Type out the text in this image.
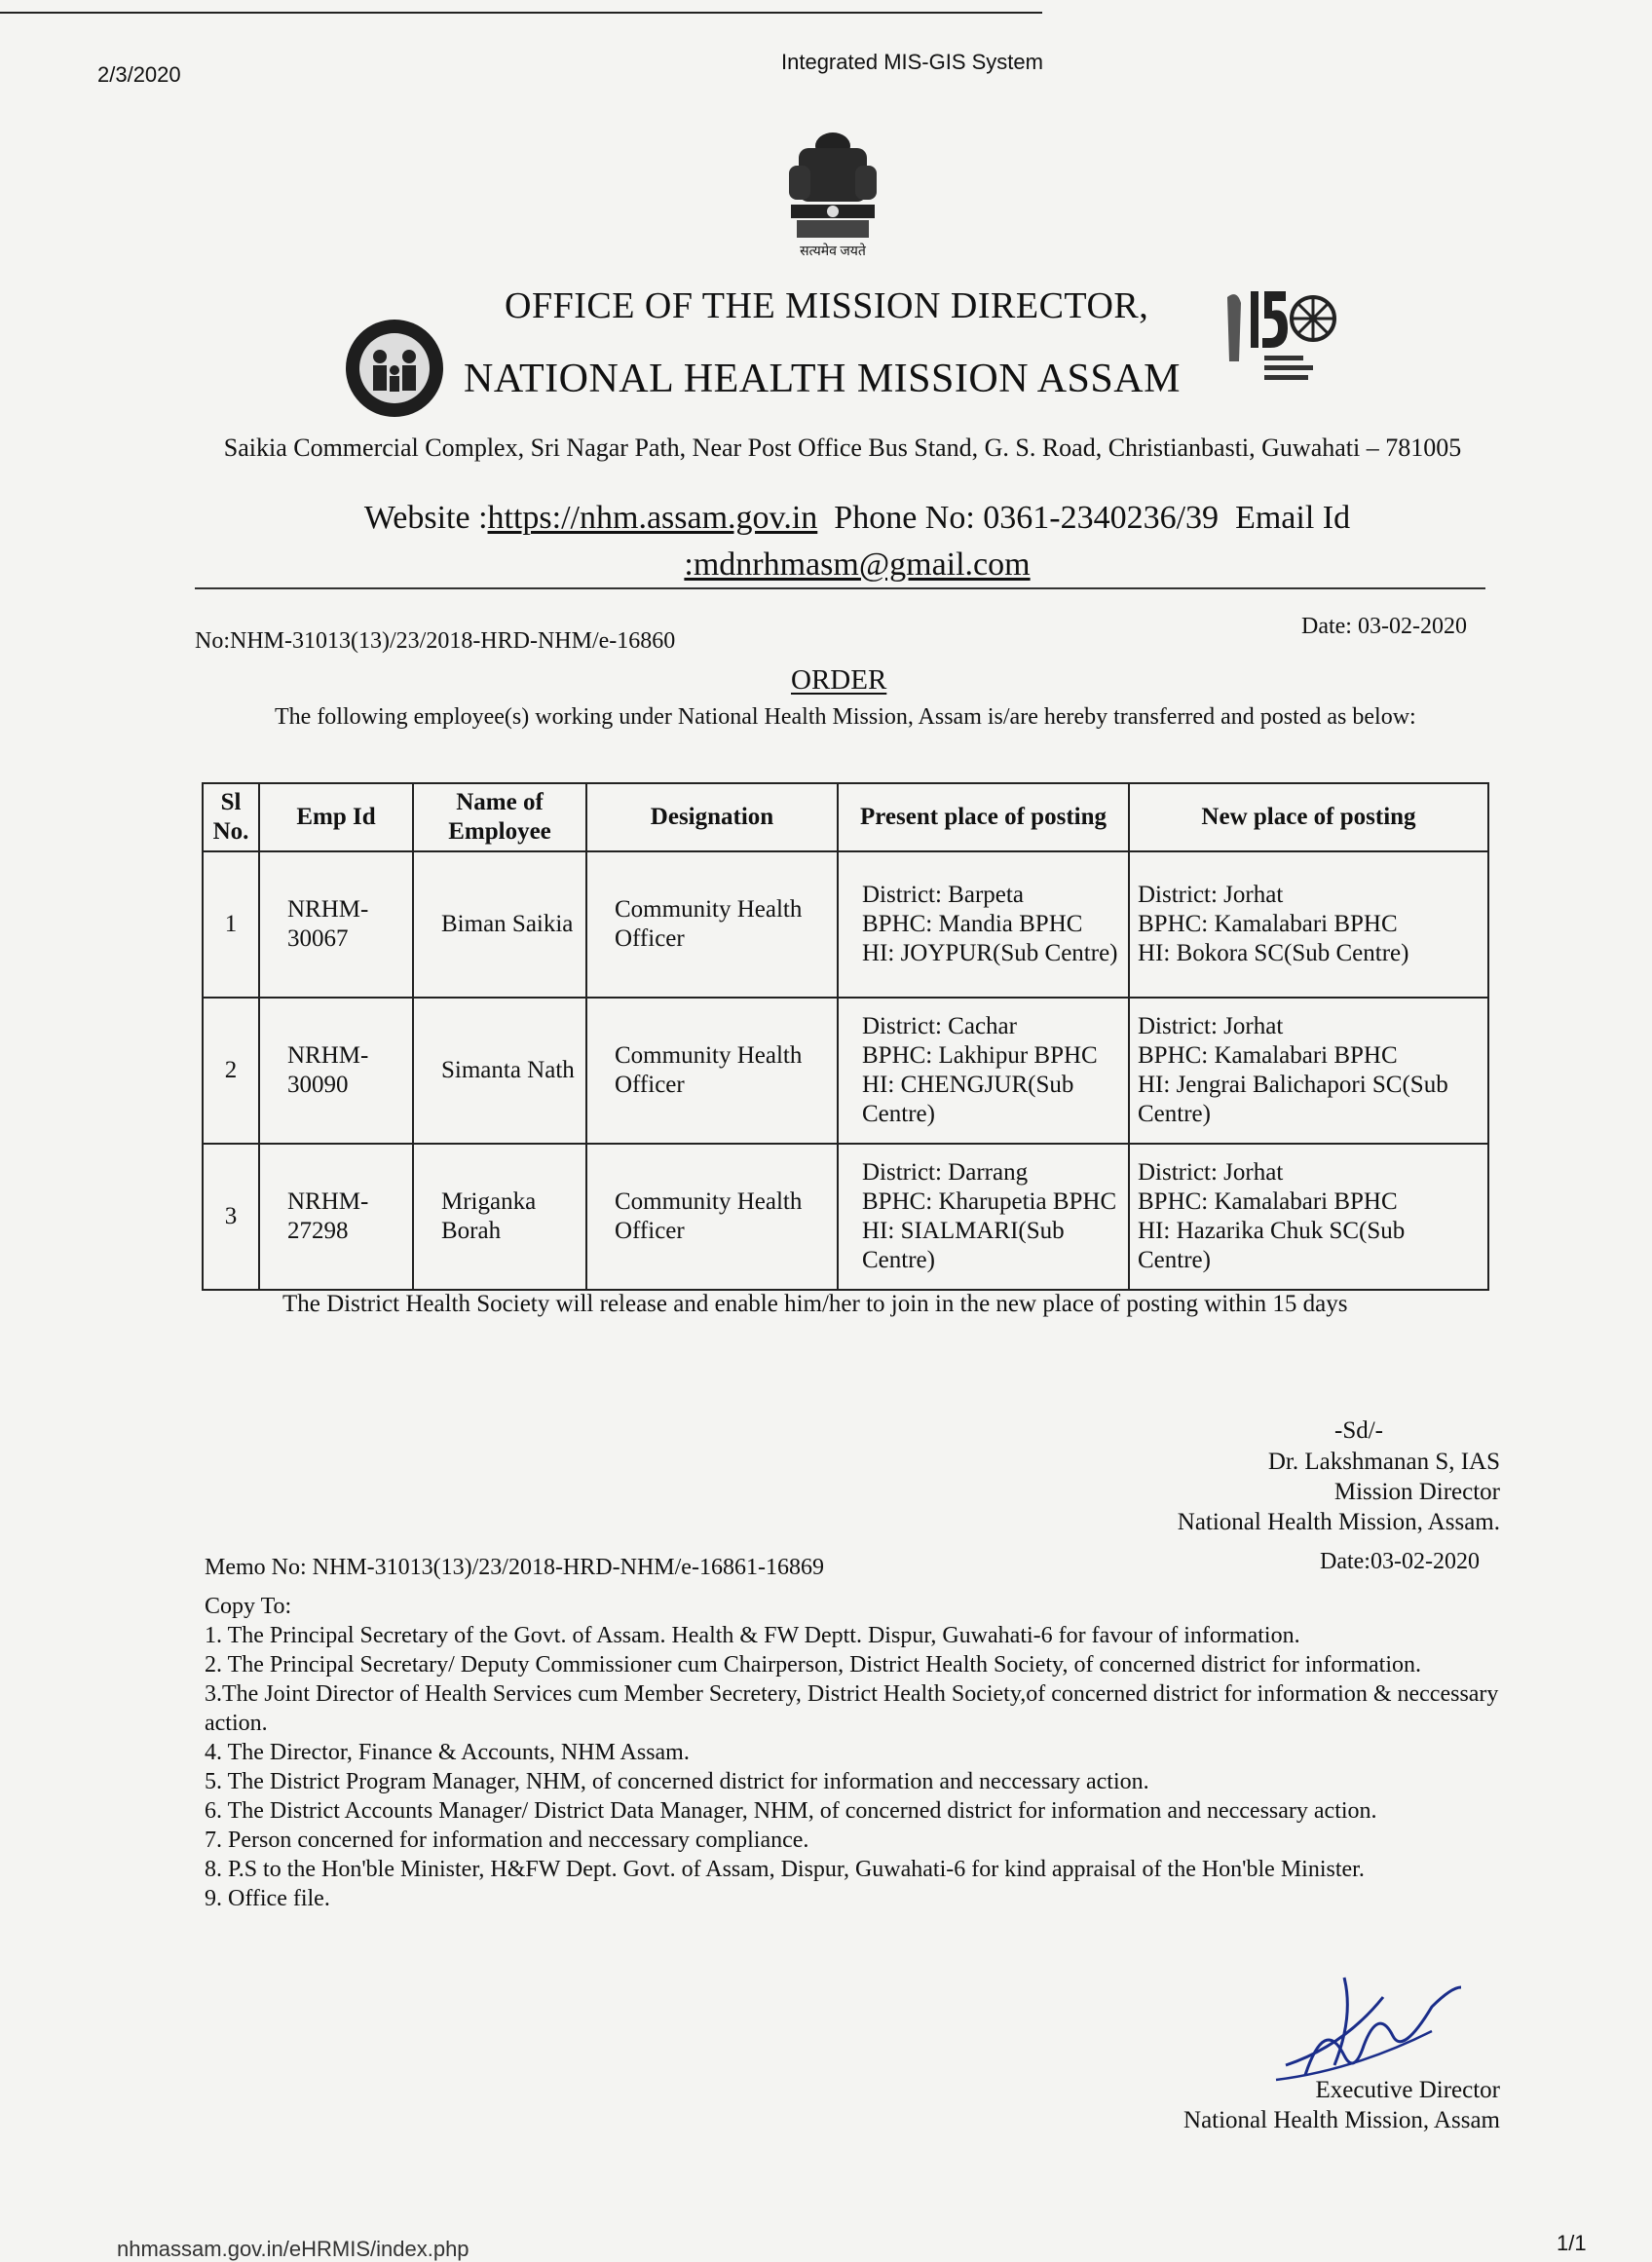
2/3/2020
Integrated MIS-GIS System
सत्यमेव जयते
OFFICE OF THE MISSION DIRECTOR,
NATIONAL HEALTH MISSION ASSAM
Saikia Commercial Complex, Sri Nagar Path, Near Post Office Bus Stand, G. S. Road, Christianbasti, Guwahati – 781005
Website :https://nhm.assam.gov.in Phone No: 0361-2340236/39 Email Id
:mdnrhmasm@gmail.com
No:NHM-31013(13)/23/2018-HRD-NHM/e-16860
Date: 03-02-2020
ORDER
The following employee(s) working under National Health Mission, Assam is/are hereby transferred and posted as below:
Sl No.	Emp Id	Name of Employee	Designation	Present place of posting	New place of posting
1	NRHM-30067	Biman Saikia	Community Health Officer	District: Barpeta
BPHC: Mandia BPHC
HI: JOYPUR(Sub Centre)	District: Jorhat
BPHC: Kamalabari BPHC
HI: Bokora SC(Sub Centre)
2	NRHM-30090	Simanta Nath	Community Health Officer	District: Cachar
BPHC: Lakhipur BPHC
HI: CHENGJUR(Sub Centre)	District: Jorhat
BPHC: Kamalabari BPHC
HI: Jengrai Balichapori SC(Sub Centre)
3	NRHM-27298	Mriganka Borah	Community Health Officer	District: Darrang
BPHC: Kharupetia BPHC
HI: SIALMARI(Sub Centre)	District: Jorhat
BPHC: Kamalabari BPHC
HI: Hazarika Chuk SC(Sub Centre)
The District Health Society will release and enable him/her to join in the new place of posting within 15 days
-Sd/-
Dr. Lakshmanan S, IAS
Mission Director
National Health Mission, Assam.
Memo No: NHM-31013(13)/23/2018-HRD-NHM/e-16861-16869	Date:03-02-2020
Copy To:
1. The Principal Secretary of the Govt. of Assam. Health & FW Deptt. Dispur, Guwahati-6 for favour of information.
2. The Principal Secretary/ Deputy Commissioner cum Chairperson, District Health Society, of concerned district for information.
3.The Joint Director of Health Services cum Member Secretery, District Health Society,of concerned district for information & neccessary action.
4. The Director, Finance & Accounts, NHM Assam.
5. The District Program Manager, NHM, of concerned district for information and neccessary action.
6. The District Accounts Manager/ District Data Manager, NHM, of concerned district for information and neccessary action.
7. Person concerned for information and neccessary compliance.
8. P.S to the Hon'ble Minister, H&FW Dept. Govt. of Assam, Dispur, Guwahati-6 for kind appraisal of the Hon'ble Minister.
9. Office file.
Executive Director
National Health Mission, Assam
nhmassam.gov.in/eHRMIS/index.php	1/1
